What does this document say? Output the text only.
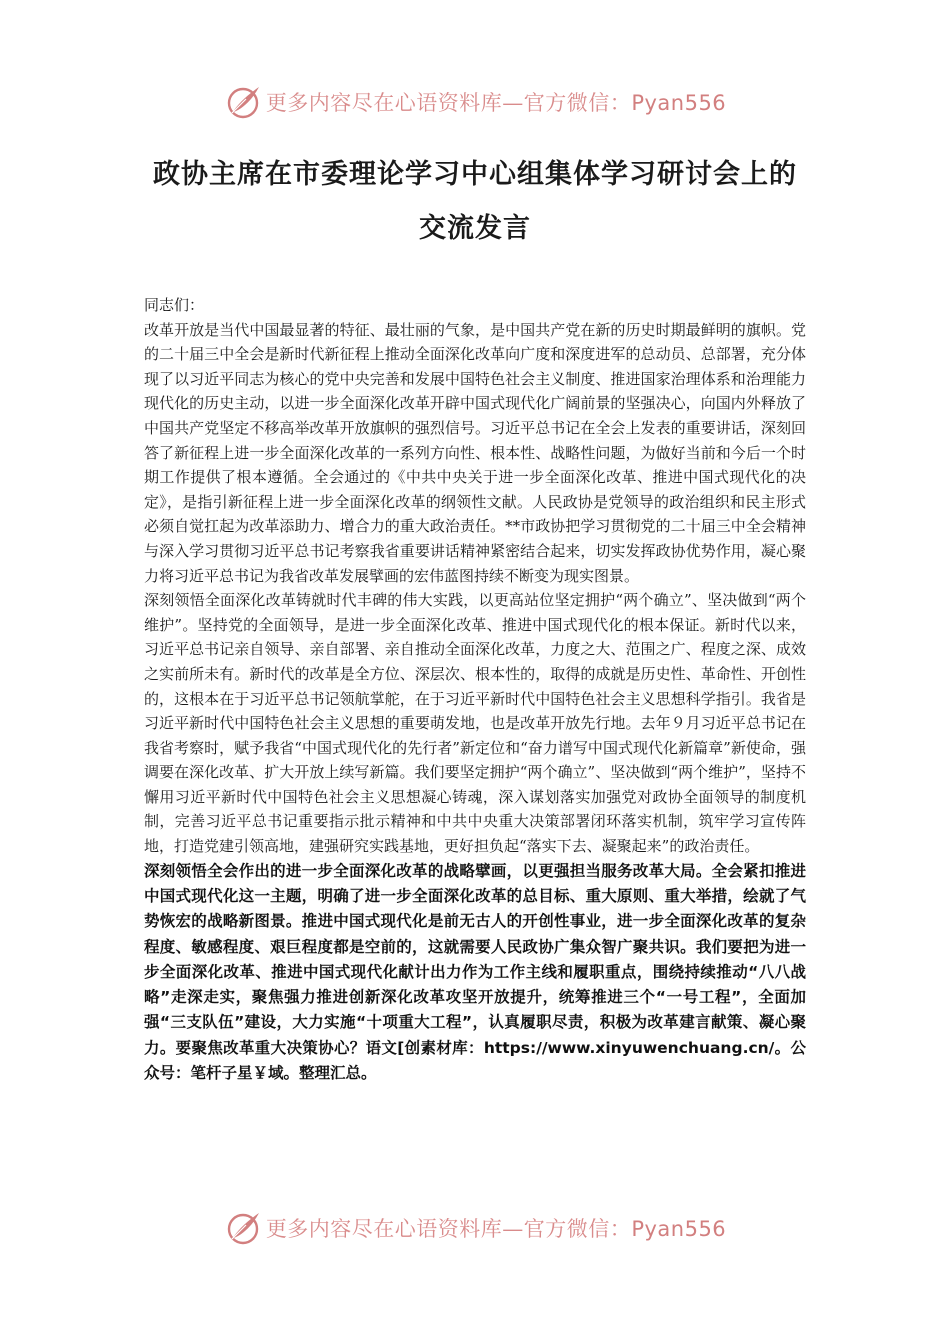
更多内容尽在心语资料库—官方微信：Pyan556
政协主席在市委理论学习中心组集体学习研讨会上的
交流发言

同志们：

改革开放是当代中国最显著的特征、最壮丽的气象，是中国共产党在新的历史时期最鲜明的旗帜。党的二十届三中全会是新时代新征程上推动全面深化改革向广度和深度进军的总动员、总部署，充分体现了以习近平同志为核心的党中央完善和发展中国特色社会主义制度、推进国家治理体系和治理能力现代化的历史主动，以进一步全面深化改革开辟中国式现代化广阔前景的坚强决心，向国内外释放了中国共产党坚定不移高举改革开放旗帜的强烈信号。习近平总书记在全会上发表的重要讲话，深刻回答了新征程上进一步全面深化改革的一系列方向性、根本性、战略性问题，为做好当前和今后一个时期工作提供了根本遵循。全会通过的《中共中央关于进一步全面深化改革、推进中国式现代化的决定》，是指引新征程上进一步全面深化改革的纲领性文献。人民政协是党领导的政治组织和民主形式必须自觉扛起为改革添助力、增合力的重大政治责任。**市政协把学习贯彻党的二十届三中全会精神与深入学习贯彻习近平总书记考察我省重要讲话精神紧密结合起来，切实发挥政协优势作用，凝心聚力将习近平总书记为我省改革发展擘画的宏伟蓝图持续不断变为现实图景。

深刻领悟全面深化改革铸就时代丰碑的伟大实践，以更高站位坚定拥护“两个确立”、坚决做到“两个维护”。坚持党的全面领导，是进一步全面深化改革、推进中国式现代化的根本保证。新时代以来，习近平总书记亲自领导、亲自部署、亲自推动全面深化改革，力度之大、范围之广、程度之深、成效之实前所未有。新时代的改革是全方位、深层次、根本性的，取得的成就是历史性、革命性、开创性的，这根本在于习近平总书记领航掌舵，在于习近平新时代中国特色社会主义思想科学指引。我省是习近平新时代中国特色社会主义思想的重要萌发地，也是改革开放先行地。去年９月习近平总书记在我省考察时，赋予我省“中国式现代化的先行者”新定位和“奋力谱写中国式现代化新篇章”新使命，强调要在深化改革、扩大开放上续写新篇。我们要坚定拥护“两个确立”、坚决做到“两个维护”，坚持不懈用习近平新时代中国特色社会主义思想凝心铸魂，深入谋划落实加强党对政协全面领导的制度机制，完善习近平总书记重要指示批示精神和中共中央重大决策部署闭环落实机制，筑牢学习宣传阵地，打造党建引领高地，建强研究实践基地，更好担负起“落实下去、凝聚起来”的政治责任。

深刻领悟全会作出的进一步全面深化改革的战略擘画，以更强担当服务改革大局。全会紧扣推进中国式现代化这一主题，明确了进一步全面深化改革的总目标、重大原则、重大举措，绘就了气势恢宏的战略新图景。推进中国式现代化是前无古人的开创性事业，进一步全面深化改革的复杂程度、敏感程度、艰巨程度都是空前的，这就需要人民政协广集众智广聚共识。我们要把为进一步全面深化改革、推进中国式现代化献计出力作为工作主线和履职重点，围绕持续推动“八八战略”走深走实，聚焦强力推进创新深化改革攻坚开放提升，统筹推进三个“一号工程”，全面加强“三支队伍”建设，大力实施“十项重大工程”，认真履职尽责，积极为改革建言献策、凝心聚力。要聚焦改革重大决策协心？语文[创素材库：https://www.xinyuwenchuang.cn/。公众号：笔杆子星￥域。整理汇总。

更多内容尽在心语资料库—官方微信：Pyan556
